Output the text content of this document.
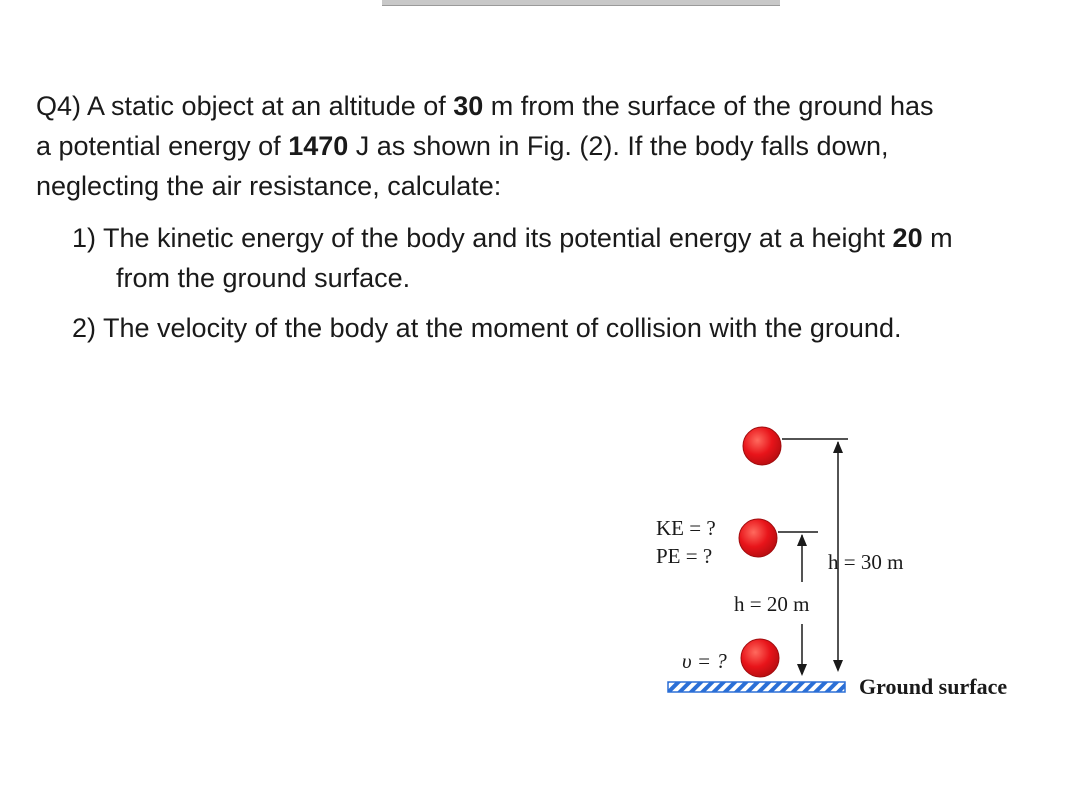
Q4) A static object at an altitude of 30 m from the surface of the ground has
a potential energy of 1470 J as shown in Fig. (2). If the body falls down,
neglecting the air resistance, calculate:

1) The kinetic energy of the body and its potential energy at a height 20 m
from the ground surface.
2) The velocity of the body at the moment of collision with the ground.
KE = ?
PE = ?	h = 30 m
h = 20 m
υ = ?
Ground surface
